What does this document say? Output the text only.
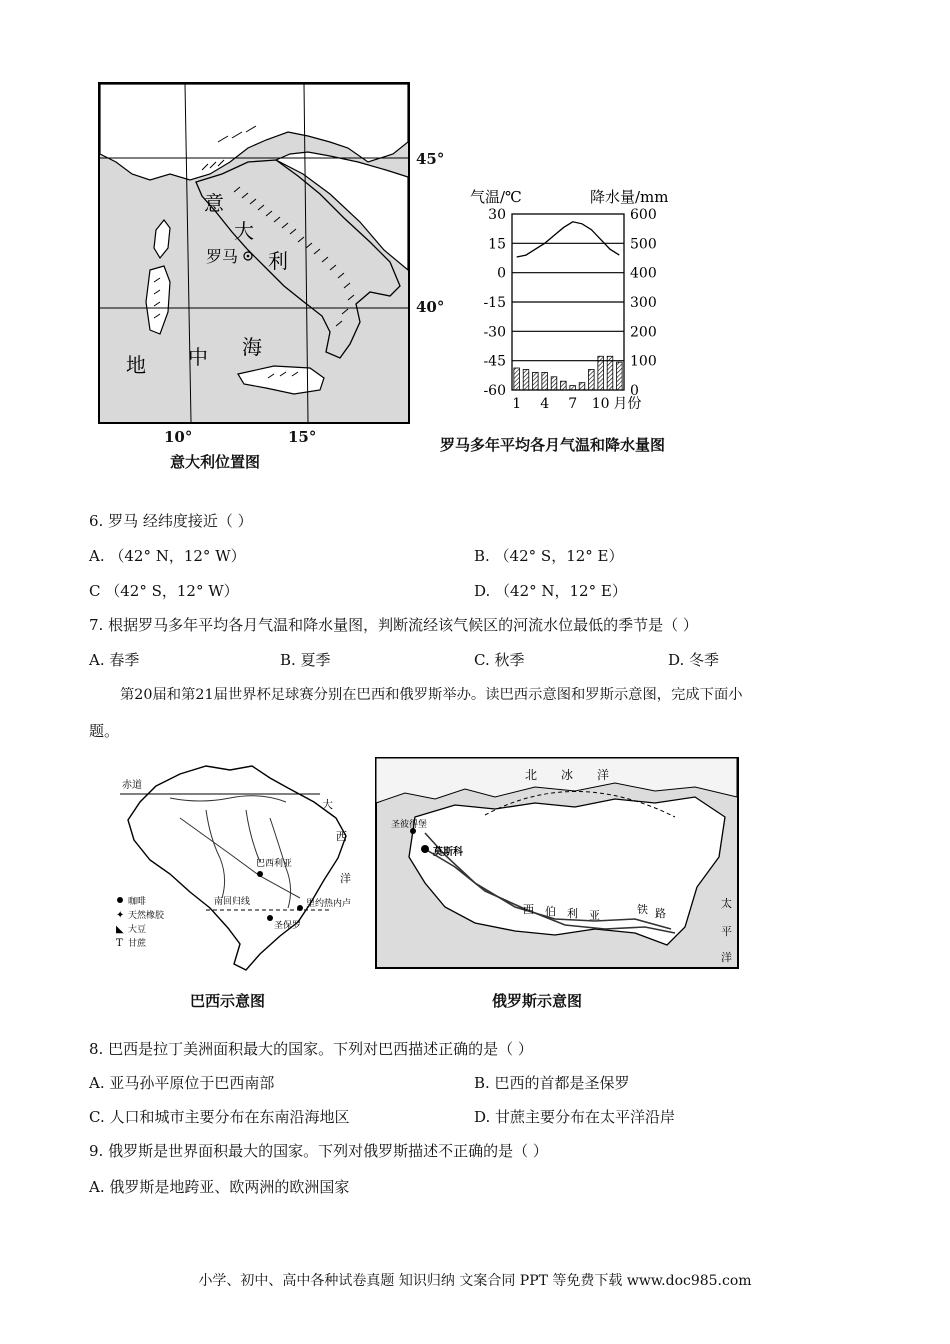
意
大
利
罗马
地 中 海
45°
40°
10°	15°
意大利位置图
气温/℃	降水量/mm
30
15
0
-15
-30
-45
-60
600
500
400
300
200
100
0
1 4 7 10 月份
罗马多年平均各月气温和降水量图
6. 罗马 经纬度接近（ ）
A. （42° N，12° W）	B. （42° S，12° E）
C （42° S，12° W）	D. （42° N，12° E）
7. 根据罗马多年平均各月气温和降水量图，判断流经该气候区的河流水位最低的季节是（ ）
A. 春季	B. 夏季	C. 秋季	D. 冬季
第20届和第21届世界杯足球赛分别在巴西和俄罗斯举办。读巴西示意图和罗斯示意图，完成下面小
题。
赤道
大
西
洋
巴西利亚
南回归线
圣保罗
里约热内卢
咖啡
✦ 天然橡胶
◣ 大豆
T 甘蔗
巴西示意图
北 冰 洋
圣彼得堡
莫斯科
西 伯 利 亚	铁 路
太
平
洋
俄罗斯示意图
8. 巴西是拉丁美洲面积最大的国家。下列对巴西描述正确的是（ ）
A. 亚马孙平原位于巴西南部	B. 巴西的首都是圣保罗
C. 人口和城市主要分布在东南沿海地区	D. 甘蔗主要分布在太平洋沿岸
9. 俄罗斯是世界面积最大的国家。下列对俄罗斯描述不正确的是（ ）
A. 俄罗斯是地跨亚、欧两洲的欧洲国家
小学、初中、高中各种试卷真题 知识归纳 文案合同 PPT 等免费下载 www.doc985.com
